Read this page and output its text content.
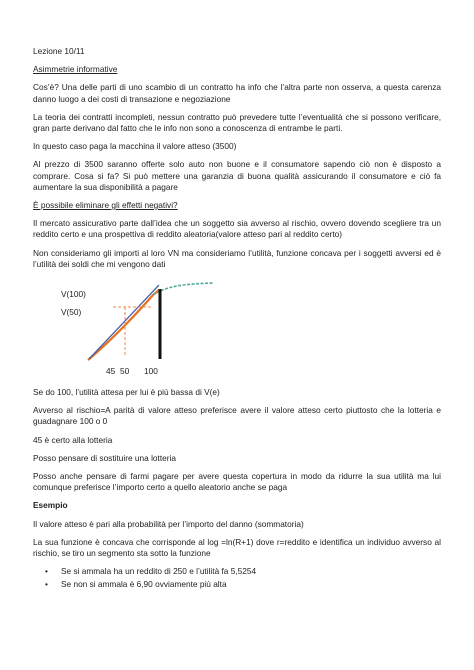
Lezione 10/11

Asimmetrie informative

Cos’è? Una delle parti di uno scambio di un contratto ha info che l’altra parte non osserva, a questa carenza danno luogo a dei costi di transazione e negoziazione

La teoria dei contratti incompleti, nessun contratto può prevedere tutte l’eventualità che si possono verificare, gran parte derivano dal fatto che le info non sono a conoscenza di entrambe le parti.

In questo caso paga la macchina il valore atteso (3500)

Al prezzo di 3500 saranno offerte solo auto non buone e il consumatore sapendo ciò non è disposto a comprare. Cosa si fa? Si può mettere una garanzia di buona qualità assicurando il consumatore e ciò fa aumentare la sua disponibilità a pagare

È possibile eliminare gli effetti negativi?

Il mercato assicurativo parte dall’idea che un soggetto sia avverso al rischio, ovvero dovendo scegliere tra un reddito certo e una prospettiva di reddito aleatoria(valore atteso pari al reddito certo)

Non consideriamo gli importi al loro VN ma consideriamo l’utilità, funzione concava per i soggetti avversi ed è l’utilità dei soldi che mi vengono dati

V(100)
V(50)
45 50 100

Se do 100, l’utilità attesa per lui è più bassa di V(e)

Avverso al rischio=A parità di valore atteso preferisce avere il valore atteso certo piuttosto che la lotteria e guadagnare 100 o 0

45 è certo alla lotteria

Posso pensare di sostituire una lotteria

Posso anche pensare di farmi pagare per avere questa copertura in modo da ridurre la sua utilità ma lui comunque preferisce l’importo certo a quello aleatorio anche se paga

Esempio

Il valore atteso è pari alla probabilità per l’importo del danno (sommatoria)

La sua funzione è concava che corrisponde al log =ln(R+1) dove r=reddito e identifica un individuo avverso al rischio, se tiro un segmento sta sotto la funzione

• Se si ammala ha un reddito di 250 e l’utilità fa 5,5254
• Se non si ammala è 6,90 ovviamente più alta
